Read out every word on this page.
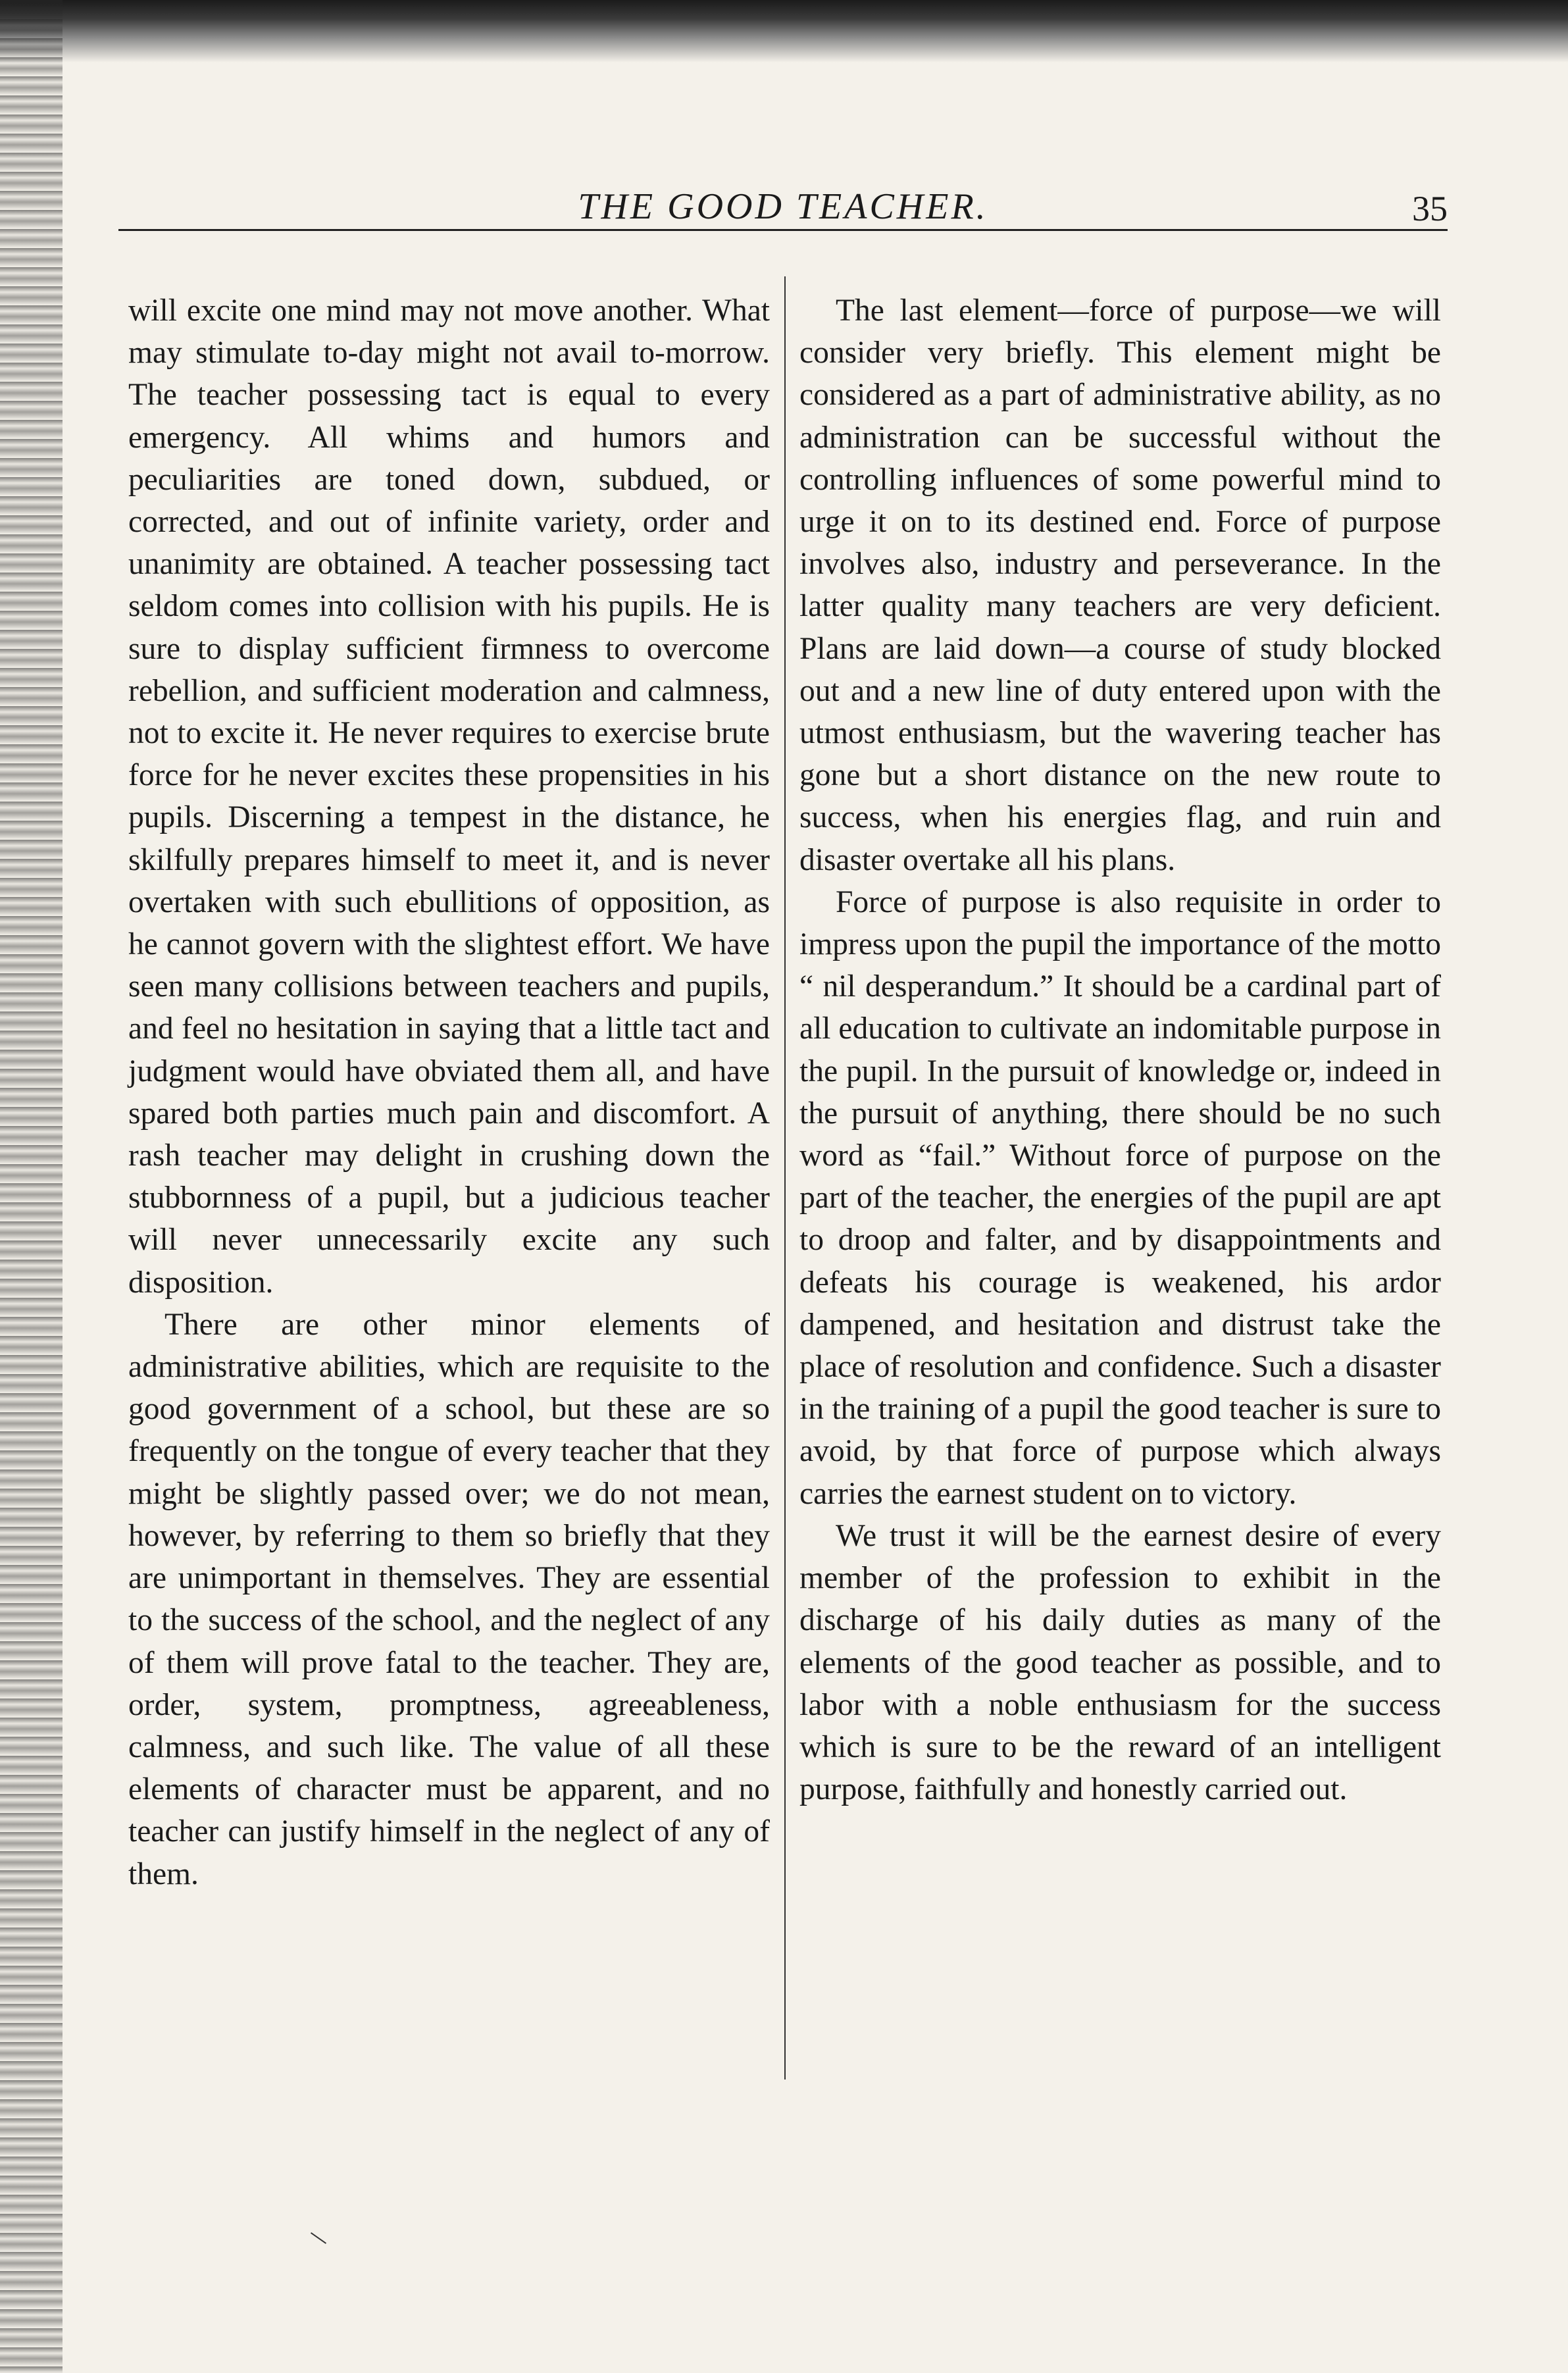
THE GOOD TEACHER.	35

will excite one mind may not move another. What may stimulate to-day might not avail to-morrow. The teacher possessing tact is equal to every emergency. All whims and humors and peculiarities are toned down, subdued, or corrected, and out of infinite variety, order and unanimity are obtained. A teacher possessing tact seldom comes into collision with his pupils. He is sure to display sufficient firmness to overcome rebellion, and sufficient moderation and calmness, not to excite it. He never requires to exercise brute force for he never excites these propensities in his pupils. Discerning a tempest in the distance, he skilfully prepares himself to meet it, and is never overtaken with such ebullitions of opposition, as he cannot govern with the slightest effort. We have seen many collisions between teachers and pupils, and feel no hesitation in saying that a little tact and judgment would have obviated them all, and have spared both parties much pain and discomfort. A rash teacher may delight in crushing down the stubbornness of a pupil, but a judicious teacher will never unnecessarily excite any such disposition.

There are other minor elements of administrative abilities, which are requisite to the good government of a school, but these are so frequently on the tongue of every teacher that they might be slightly passed over; we do not mean, however, by referring to them so briefly that they are unimportant in themselves. They are essential to the success of the school, and the neglect of any of them will prove fatal to the teacher. They are, order, system, promptness, agreeableness, calmness, and such like. The value of all these elements of character must be apparent, and no teacher can justify himself in the neglect of any of them.

The last element—force of purpose—we will consider very briefly. This element might be considered as a part of administrative ability, as no administration can be successful without the controlling influences of some powerful mind to urge it on to its destined end. Force of purpose involves also, industry and perseverance. In the latter quality many teachers are very deficient. Plans are laid down—a course of study blocked out and a new line of duty entered upon with the utmost enthusiasm, but the wavering teacher has gone but a short distance on the new route to success, when his energies flag, and ruin and disaster overtake all his plans.

Force of purpose is also requisite in order to impress upon the pupil the importance of the motto “ nil desperandum.” It should be a cardinal part of all education to cultivate an indomitable purpose in the pupil. In the pursuit of knowledge or, indeed in the pursuit of anything, there should be no such word as “fail.” Without force of purpose on the part of the teacher, the energies of the pupil are apt to droop and falter, and by disappointments and defeats his courage is weakened, his ardor dampened, and hesitation and distrust take the place of resolution and confidence. Such a disaster in the training of a pupil the good teacher is sure to avoid, by that force of purpose which always carries the earnest student on to victory.

We trust it will be the earnest desire of every member of the profession to exhibit in the discharge of his daily duties as many of the elements of the good teacher as possible, and to labor with a noble enthusiasm for the success which is sure to be the reward of an intelligent purpose, faithfully and honestly carried out.
